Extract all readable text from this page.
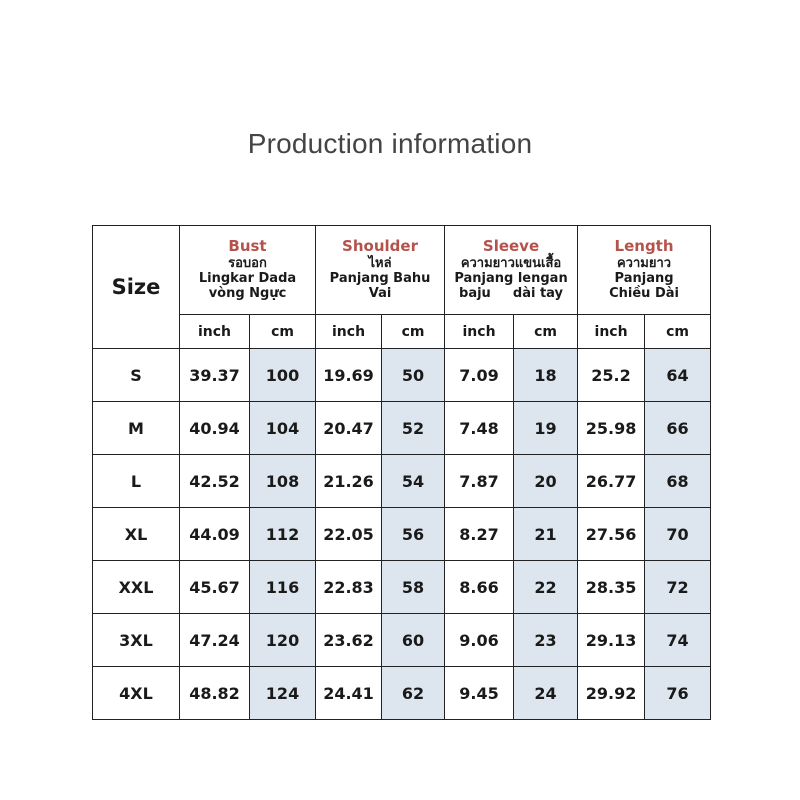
Production information
Size	Bust
รอบอก
Lingkar Dada
vòng Ngực		Shoulder
ไหล่
Panjang Bahu
Vai		Sleeve
ความยาวแขนเสื้อ
Panjang lengan
baju dài tay		Length
ความยาว
Panjang
Chiều Dài	

	inch	cm	inch	cm	inch	cm	inch	cm
S	39.37	100	19.69	50	7.09	18	25.2	64
M	40.94	104	20.47	52	7.48	19	25.98	66
L	42.52	108	21.26	54	7.87	20	26.77	68
XL	44.09	112	22.05	56	8.27	21	27.56	70
XXL	45.67	116	22.83	58	8.66	22	28.35	72
3XL	47.24	120	23.62	60	9.06	23	29.13	74
4XL	48.82	124	24.41	62	9.45	24	29.92	76
